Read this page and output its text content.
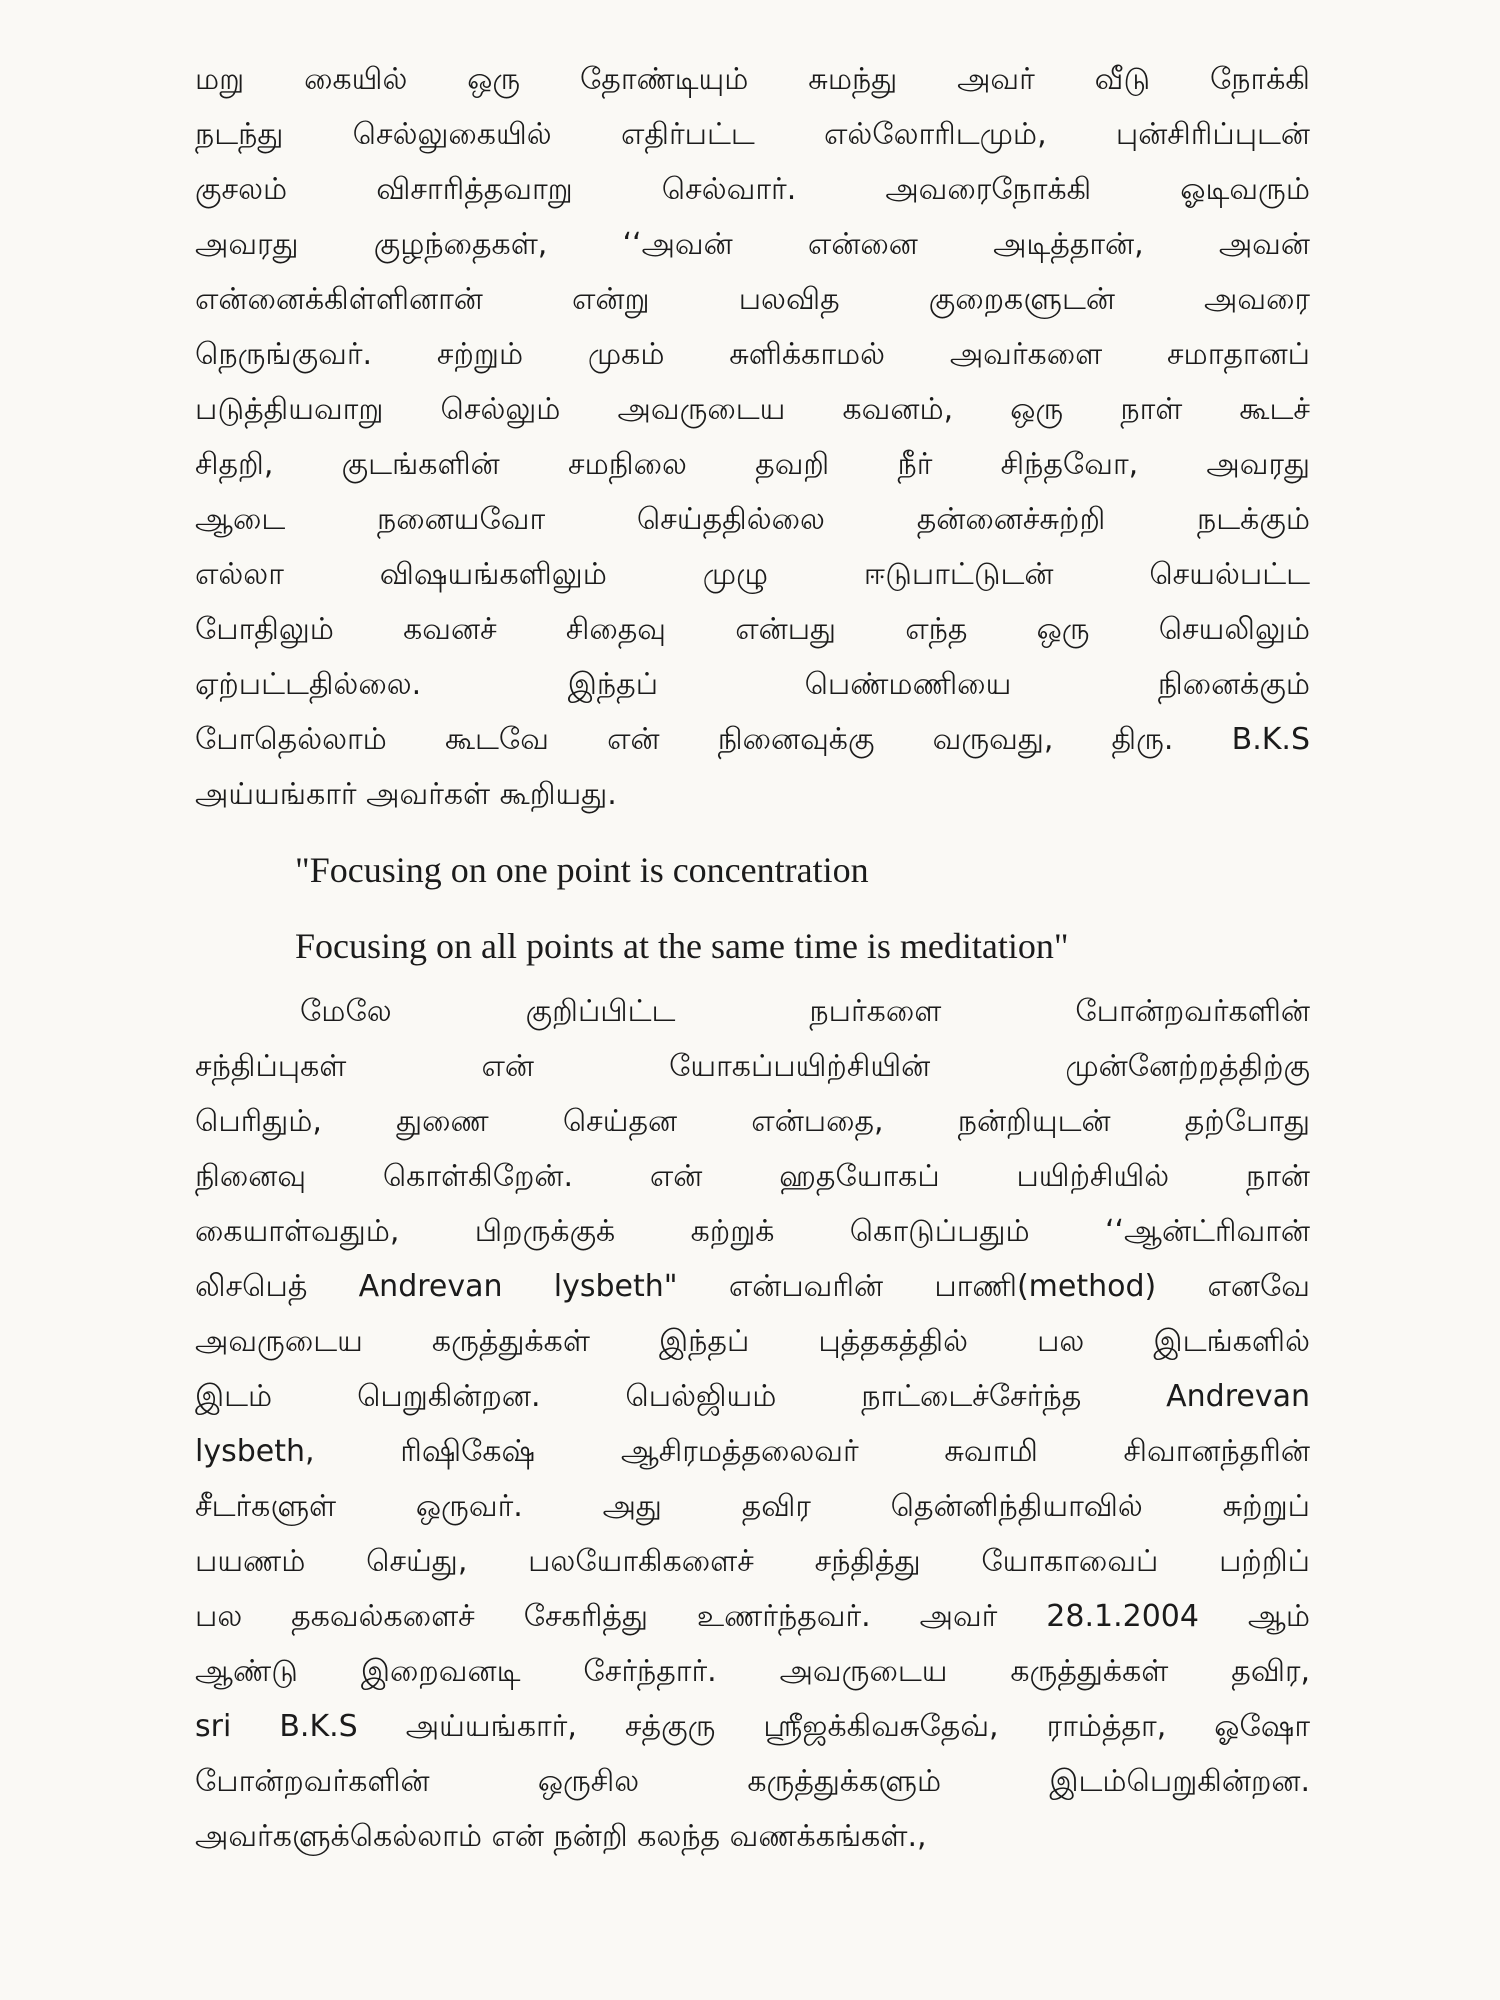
மறு கையில் ஒரு தோண்டியும் சுமந்து அவர் வீடு நோக்கி
நடந்து செல்லுகையில் எதிர்பட்ட எல்லோரிடமும், புன்சிரிப்புடன்
குசலம் விசாரித்தவாறு செல்வார். அவரைநோக்கி ஓடிவரும்
அவரது குழந்தைகள், ‘‘அவன் என்னை அடித்தான், அவன்
என்னைக்கிள்ளினான் என்று பலவித குறைகளுடன் அவரை
நெருங்குவர். சற்றும் முகம் சுளிக்காமல் அவர்களை சமாதானப்
படுத்தியவாறு செல்லும் அவருடைய கவனம், ஒரு நாள் கூடச்
சிதறி, குடங்களின் சமநிலை தவறி நீர் சிந்தவோ, அவரது
ஆடை நனையவோ செய்ததில்லை தன்னைச்சுற்றி நடக்கும்
எல்லா விஷயங்களிலும் முழு ஈடுபாட்டுடன் செயல்பட்ட
போதிலும் கவனச் சிதைவு என்பது எந்த ஒரு செயலிலும்
ஏற்பட்டதில்லை. இந்தப் பெண்மணியை நினைக்கும்
போதெல்லாம் கூடவே என் நினைவுக்கு வருவது, திரு. B.K.S
அய்யங்கார் அவர்கள் கூறியது.
"Focusing on one point is concentration
Focusing on all points at the same time is meditation"
மேலே குறிப்பிட்ட நபர்களை போன்றவர்களின்
சந்திப்புகள் என் யோகப்பயிற்சியின் முன்னேற்றத்திற்கு
பெரிதும், துணை செய்தன என்பதை, நன்றியுடன் தற்போது
நினைவு கொள்கிறேன். என் ஹதயோகப் பயிற்சியில் நான்
கையாள்வதும், பிறருக்குக் கற்றுக் கொடுப்பதும் ‘‘ஆன்ட்ரிவான்
லிசபெத் Andrevan lysbeth" என்பவரின் பாணி(method) எனவே
அவருடைய கருத்துக்கள் இந்தப் புத்தகத்தில் பல இடங்களில்
இடம் பெறுகின்றன. பெல்ஜியம் நாட்டைச்சேர்ந்த Andrevan
lysbeth, ரிஷிகேஷ் ஆசிரமத்தலைவர் சுவாமி சிவானந்தரின்
சீடர்களுள் ஒருவர். அது தவிர தென்னிந்தியாவில் சுற்றுப்
பயணம் செய்து, பலயோகிகளைச் சந்தித்து யோகாவைப் பற்றிப்
பல தகவல்களைச் சேகரித்து உணர்ந்தவர். அவர் 28.1.2004 ஆம்
ஆண்டு இறைவனடி சேர்ந்தார். அவருடைய கருத்துக்கள் தவிர,
sri B.K.S அய்யங்கார், சத்குரு ஸ்ரீஜக்கிவசுதேவ், ராம்த்தா, ஓஷோ
போன்றவர்களின் ஒருசில கருத்துக்களும் இடம்பெறுகின்றன.
அவர்களுக்கெல்லாம் என் நன்றி கலந்த வணக்கங்கள்.,
